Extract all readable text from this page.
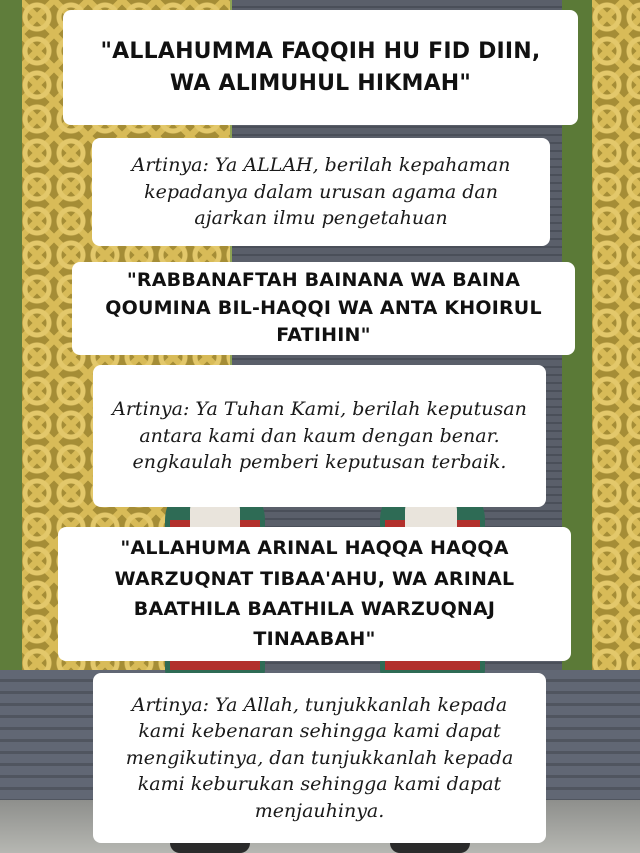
"ALLAHUMMA FAQQIH HU FID DIIN, WA ALIMUHUL HIKMAH"
Artinya: Ya ALLAH, berilah kepahaman kepadanya dalam urusan agama dan ajarkan ilmu pengetahuan
"RABBANAFTAH BAINANA WA BAINA QOUMINA BIL-HAQQI WA ANTA KHOIRUL FATIHIN"
Artinya: Ya Tuhan Kami, berilah keputusan antara kami dan kaum dengan benar. engkaulah pemberi keputusan terbaik.
"ALLAHUMA ARINAL HAQQA HAQQA WARZUQNAT TIBAA'AHU, WA ARINAL BAATHILA BAATHILA WARZUQNAJ TINAABAH"
Artinya: Ya Allah, tunjukkanlah kepada kami kebenaran sehingga kami dapat mengikutinya, dan tunjukkanlah kepada kami keburukan sehingga kami dapat menjauhinya.
